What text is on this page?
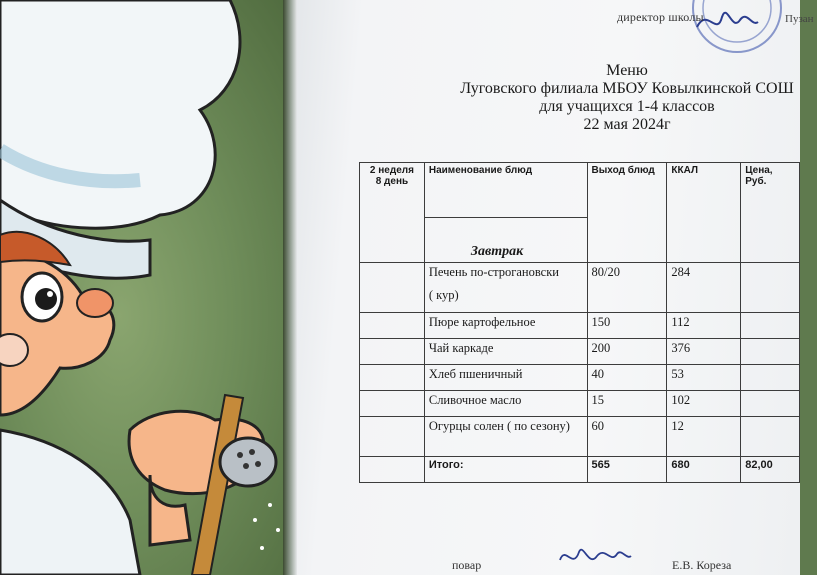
директор школы	Пузан
Меню
Луговского филиала МБОУ Ковылкинской СОШ
для учащихся 1-4 классов
22 мая 2024г
2 неделя
8 день	Наименование блюд	Выход блюд	ККАЛ	Цена, Руб.
	Завтрак			

	Печень по-строгановски
( кур)	80/20	284	
	Пюре картофельное	150	112	
	Чай каркаде	200	376	
	Хлеб пшеничный	40	53	
	Сливочное масло	15	102	
	Огурцы солен ( по сезону)	60	12	
	Итого:	565	680	82,00
повар	Е.В. Кореза
